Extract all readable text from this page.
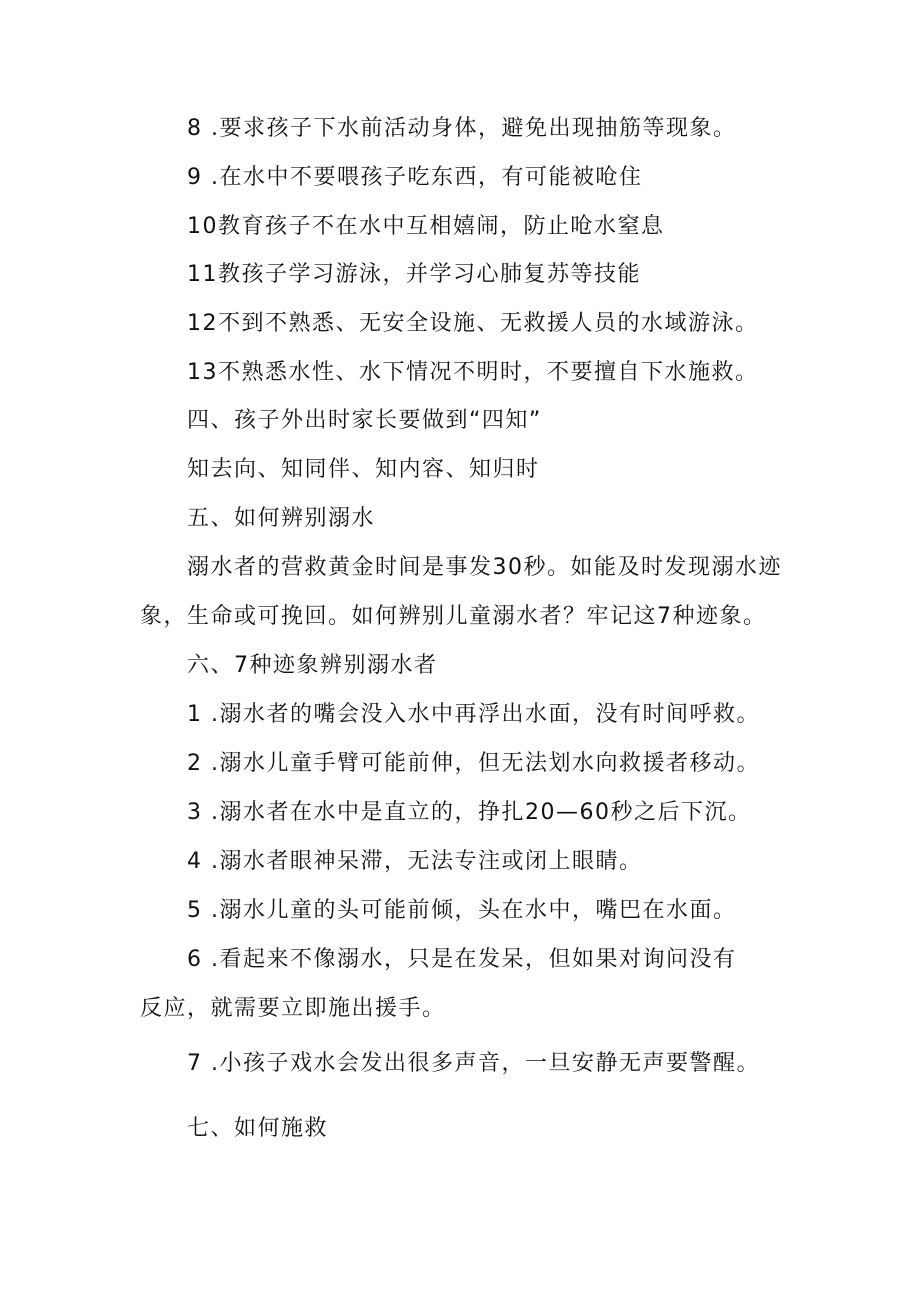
8 .要求孩子下水前活动身体，避免出现抽筋等现象。
9 .在水中不要喂孩子吃东西，有可能被呛住
10教育孩子不在水中互相嬉闹，防止呛水窒息
11教孩子学习游泳，并学习心肺复苏等技能
12不到不熟悉、无安全设施、无救援人员的水域游泳。
13不熟悉水性、水下情况不明时，不要擅自下水施救。
四、孩子外出时家长要做到“四知”
知去向、知同伴、知内容、知归时
五、如何辨别溺水
溺水者的营救黄金时间是事发30秒。如能及时发现溺水迹
象，生命或可挽回。如何辨别儿童溺水者？牢记这7种迹象。
六、7种迹象辨别溺水者
1 .溺水者的嘴会没入水中再浮出水面，没有时间呼救。
2 .溺水儿童手臂可能前伸，但无法划水向救援者移动。
3 .溺水者在水中是直立的，挣扎20—60秒之后下沉。
4 .溺水者眼神呆滞，无法专注或闭上眼睛。
5 .溺水儿童的头可能前倾，头在水中，嘴巴在水面。
6 .看起来不像溺水，只是在发呆，但如果对询问没有
反应，就需要立即施出援手。
7 .小孩子戏水会发出很多声音，一旦安静无声要警醒。
七、如何施救
